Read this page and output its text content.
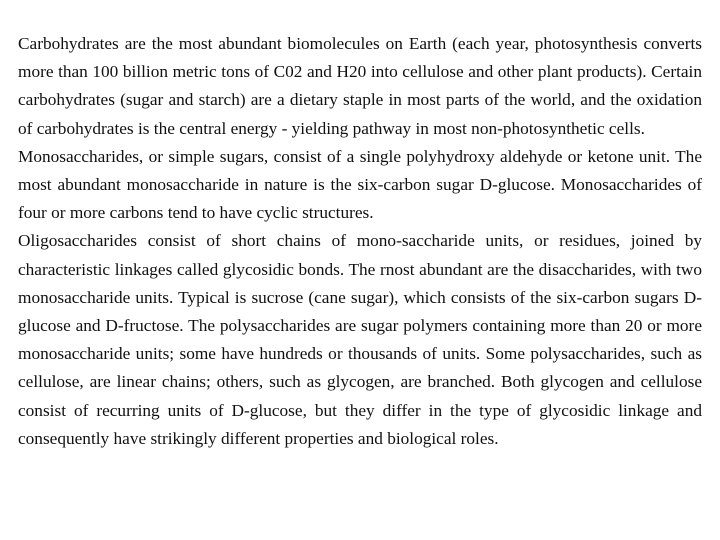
Carbohydrates are the most abundant biomolecules on Earth (each year, photosynthesis converts more than 100 billion metric tons of C02 and H20 into cellulose and other plant products). Certain carbohydrates (sugar and starch) are a dietary staple in most parts of the world, and the oxidation of carbohydrates is the central energy - yielding pathway in most non-photosynthetic cells.

Monosaccharides, or simple sugars, consist of a single polyhydroxy aldehyde or ketone unit. The most abundant monosaccharide in nature is the six-carbon sugar D-glucose. Monosaccharides of four or more carbons tend to have cyclic structures.

Oligosaccharides consist of short chains of mono-saccharide units, or residues, joined by characteristic linkages called glycosidic bonds. The rnost abundant are the disaccharides, with two monosaccharide units. Typical is sucrose (cane sugar), which consists of the six-carbon sugars D-glucose and D-fructose. The polysaccharides are sugar polymers containing more than 20 or more monosaccharide units; some have hundreds or thousands of units. Some polysaccharides, such as cellulose, are linear chains; others, such as glycogen, are branched. Both glycogen and cellulose consist of recurring units of D-glucose, but they differ in the type of glycosidic linkage and consequently have strikingly different properties and biological roles.
